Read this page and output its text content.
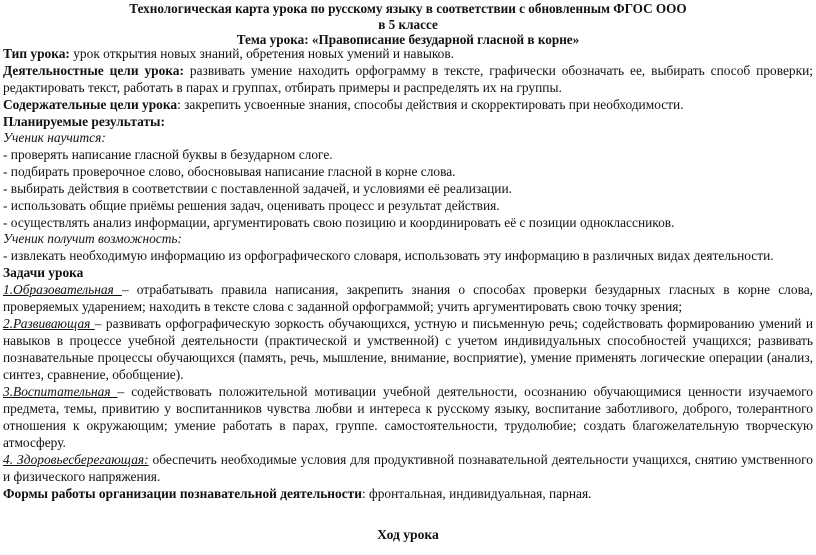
Технологическая карта урока по русскому языку в соответствии с обновленным ФГОС ООО
в 5 классе
Тема урока: «Правописание безударной гласной в корне»
Тип урока: урок открытия новых знаний, обретения новых умений и навыков.
Деятельностные цели урока: развивать умение находить орфограмму в тексте, графически обозначать ее, выбирать способ проверки;
редактировать текст, работать в парах и группах, отбирать примеры и распределять их на группы.
Содержательные цели урока: закрепить усвоенные знания, способы действия и скорректировать при необходимости.
Планируемые результаты:
Ученик научится:
- проверять написание гласной буквы в безударном слоге.
- подбирать проверочное слово, обосновывая написание гласной в корне слова.
- выбирать действия в соответствии с поставленной задачей, и условиями её реализации.
- использовать общие приёмы решения задач, оценивать процесс и результат действия.
- осуществлять анализ информации, аргументировать свою позицию и координировать её с позиции одноклассников.
Ученик получит возможность:
- извлекать необходимую информацию из орфографического словаря, использовать эту информацию в различных видах деятельности.
Задачи урока
1.Образовательная – отрабатывать правила написания, закрепить знания о способах проверки безударных гласных в корне слова,
проверяемых ударением; находить в тексте слова с заданной орфограммой; учить аргументировать свою точку зрения;
2.Развивающая – развивать орфографическую зоркость обучающихся, устную и письменную речь; содействовать формированию умений и
навыков в процессе учебной деятельности (практической и умственной) с учетом индивидуальных способностей учащихся; развивать
познавательные процессы обучающихся (память, речь, мышление, внимание, восприятие), умение применять логические операции (анализ,
синтез, сравнение, обобщение).
3.Воспитательная – содействовать положительной мотивации учебной деятельности, осознанию обучающимися ценности изучаемого
предмета, темы, привитию у воспитанников чувства любви и интереса к русскому языку, воспитание заботливого, доброго, толерантного
отношения к окружающим; умение работать в парах, группе. самостоятельности, трудолюбие; создать благожелательную творческую
атмосферу.
4. Здоровьесберегающая: обеспечить необходимые условия для продуктивной познавательной деятельности учащихся, снятию умственного
и физического напряжения.
Формы работы организации познавательной деятельности: фронтальная, индивидуальная, парная.
Ход урока
